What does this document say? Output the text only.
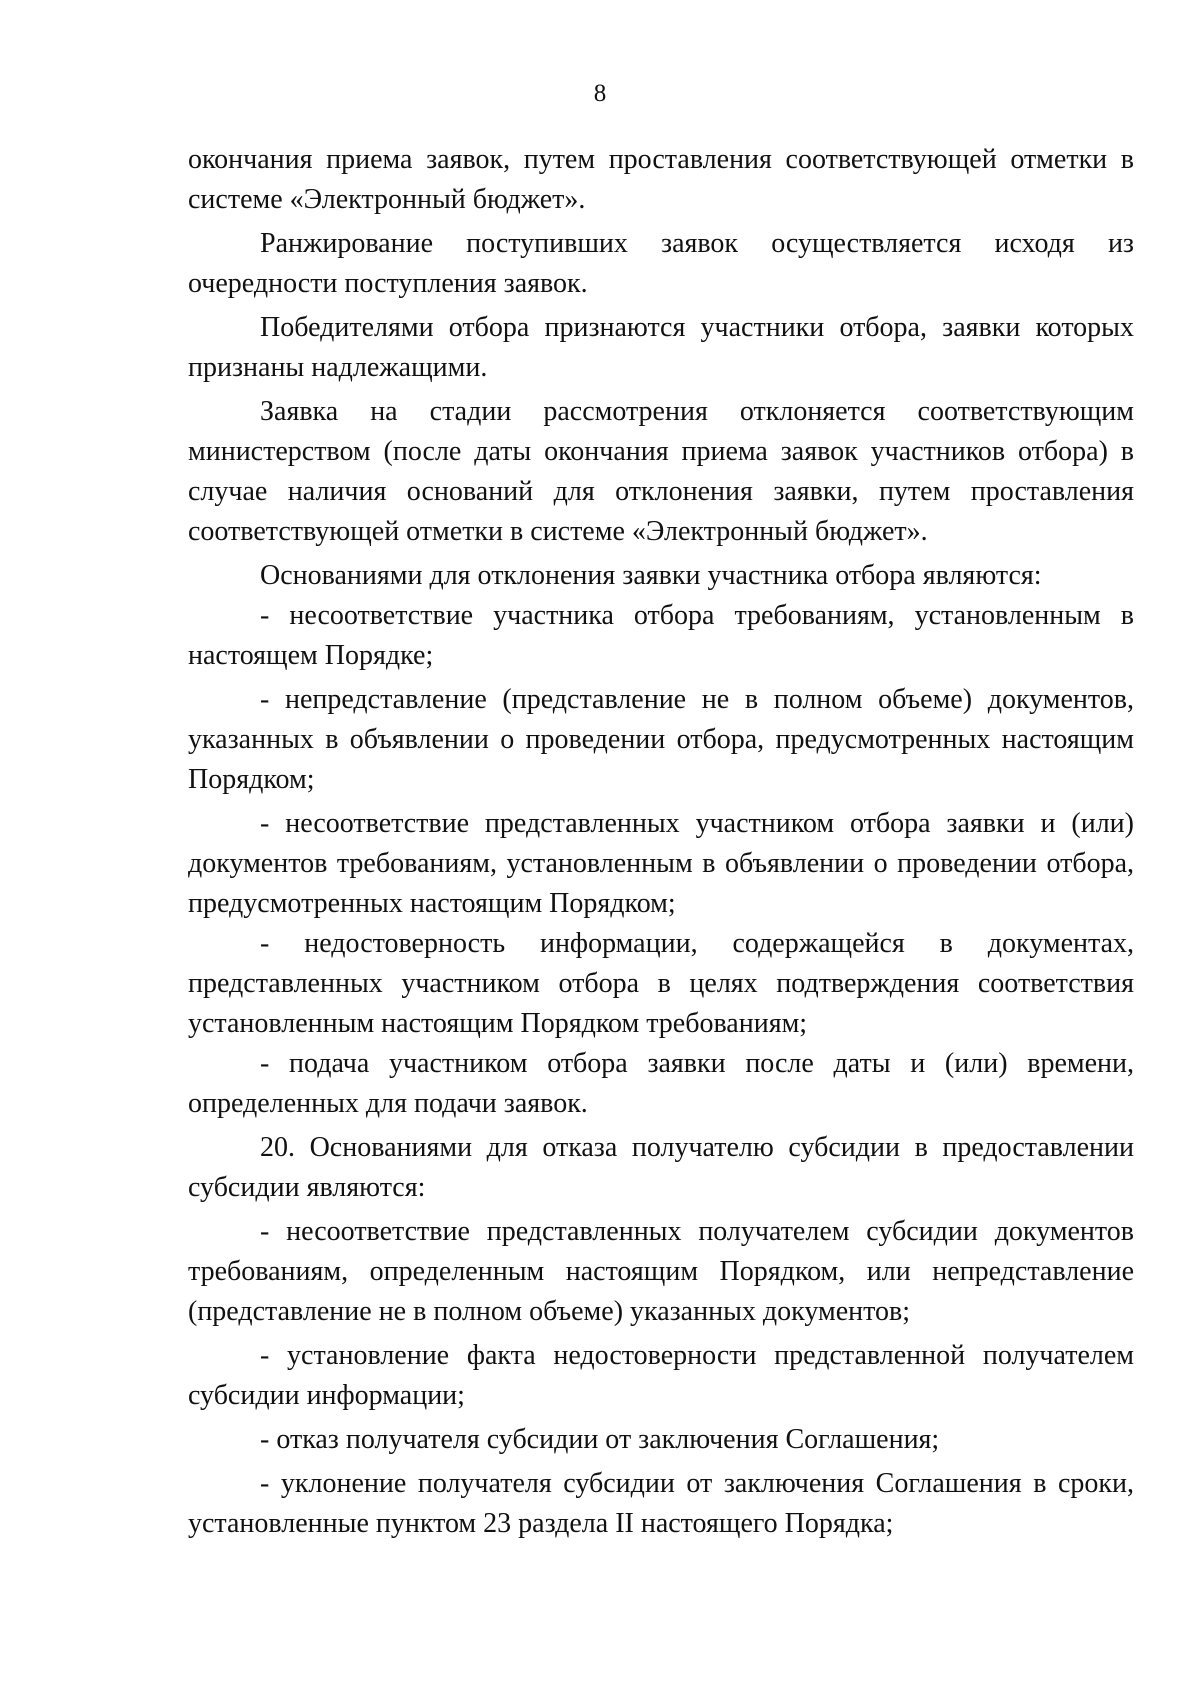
8

окончания приема заявок, путем проставления соответствующей отметки в системе «Электронный бюджет».

Ранжирование поступивших заявок осуществляется исходя из очередности поступления заявок.

Победителями отбора признаются участники отбора, заявки которых признаны надлежащими.

Заявка на стадии рассмотрения отклоняется соответствующим министерством (после даты окончания приема заявок участников отбора) в случае наличия оснований для отклонения заявки, путем проставления соответствующей отметки в системе «Электронный бюджет».

Основаниями для отклонения заявки участника отбора являются:

- несоответствие участника отбора требованиям, установленным в настоящем Порядке;

- непредставление (представление не в полном объеме) документов, указанных в объявлении о проведении отбора, предусмотренных настоящим Порядком;

- несоответствие представленных участником отбора заявки и (или) документов требованиям, установленным в объявлении о проведении отбора, предусмотренных настоящим Порядком;

- недостоверность информации, содержащейся в документах, представленных участником отбора в целях подтверждения соответствия установленным настоящим Порядком требованиям;

- подача участником отбора заявки после даты и (или) времени, определенных для подачи заявок.

20. Основаниями для отказа получателю субсидии в предоставлении субсидии являются:

- несоответствие представленных получателем субсидии документов требованиям, определенным настоящим Порядком, или непредставление (представление не в полном объеме) указанных документов;

- установление факта недостоверности представленной получателем субсидии информации;

- отказ получателя субсидии от заключения Соглашения;

- уклонение получателя субсидии от заключения Соглашения в сроки, установленные пунктом 23 раздела II настоящего Порядка;
